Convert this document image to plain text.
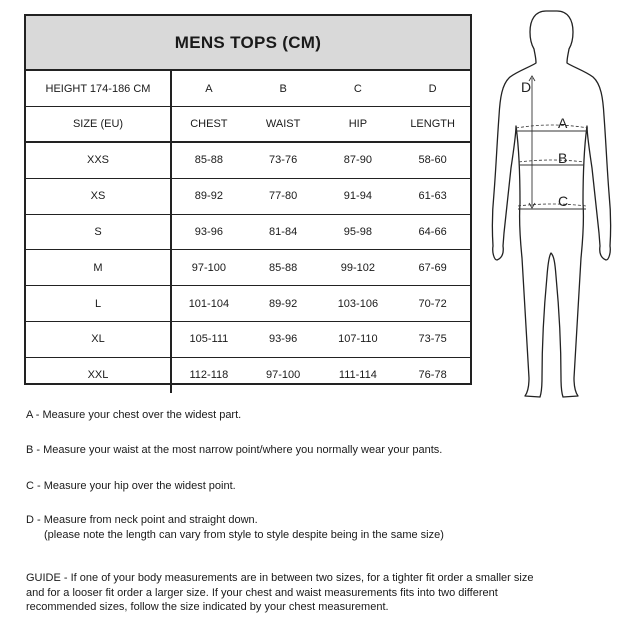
MENS TOPS (CM)
HEIGHT 174-186 CM	A	B	C	D
SIZE (EU)	CHEST	WAIST	HIP	LENGTH
XXS	85-88	73-76	87-90	58-60
XS	89-92	77-80	91-94	61-63
S	93-96	81-84	95-98	64-66
M	97-100	85-88	99-102	67-69
L	101-104	89-92	103-106	70-72
XL	105-111	93-96	107-110	73-75
XXL	112-118	97-100	111-114	76-78
A
B
C
D
A - Measure your chest over the widest part.
B - Measure your waist at the most narrow point/where you normally wear your pants.
C - Measure your hip over the widest point.
D - Measure from neck point and straight down.
(please note the length can vary from style to style despite being in the same size)
GUIDE - If one of your body measurements are in between two sizes, for a tighter fit order a smaller size
and for a looser fit order a larger size. If your chest and waist measurements fits into two different
recommended sizes, follow the size indicated by your chest measurement.
